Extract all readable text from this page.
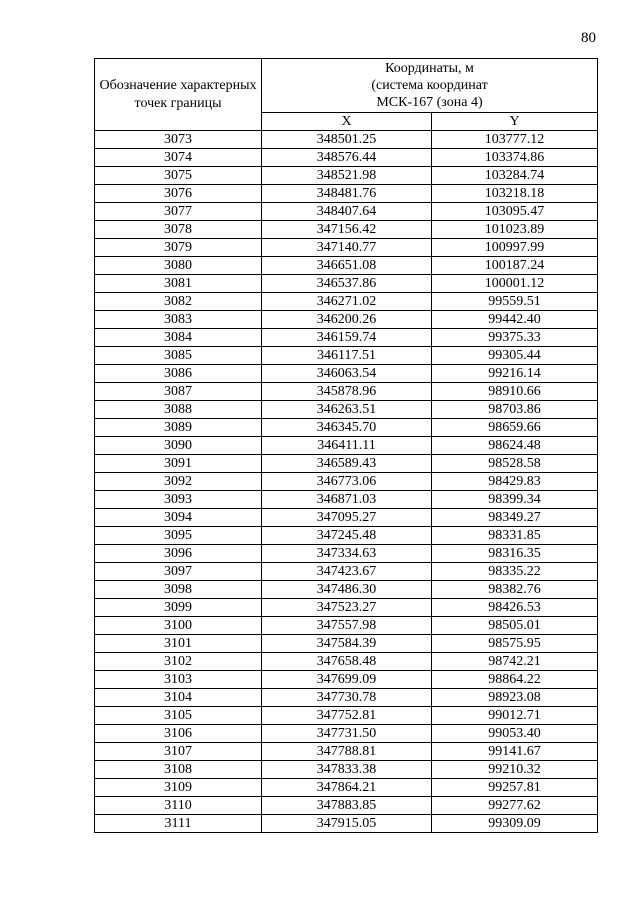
80
Обозначение характерных точек границы	Координаты, м
(система координат
МСК-167 (зона 4)	

	X	Y
3073	348501.25	103777.12
3074	348576.44	103374.86
3075	348521.98	103284.74
3076	348481.76	103218.18
3077	348407.64	103095.47
3078	347156.42	101023.89
3079	347140.77	100997.99
3080	346651.08	100187.24
3081	346537.86	100001.12
3082	346271.02	99559.51
3083	346200.26	99442.40
3084	346159.74	99375.33
3085	346117.51	99305.44
3086	346063.54	99216.14
3087	345878.96	98910.66
3088	346263.51	98703.86
3089	346345.70	98659.66
3090	346411.11	98624.48
3091	346589.43	98528.58
3092	346773.06	98429.83
3093	346871.03	98399.34
3094	347095.27	98349.27
3095	347245.48	98331.85
3096	347334.63	98316.35
3097	347423.67	98335.22
3098	347486.30	98382.76
3099	347523.27	98426.53
3100	347557.98	98505.01
3101	347584.39	98575.95
3102	347658.48	98742.21
3103	347699.09	98864.22
3104	347730.78	98923.08
3105	347752.81	99012.71
3106	347731.50	99053.40
3107	347788.81	99141.67
3108	347833.38	99210.32
3109	347864.21	99257.81
3110	347883.85	99277.62
3111	347915.05	99309.09
